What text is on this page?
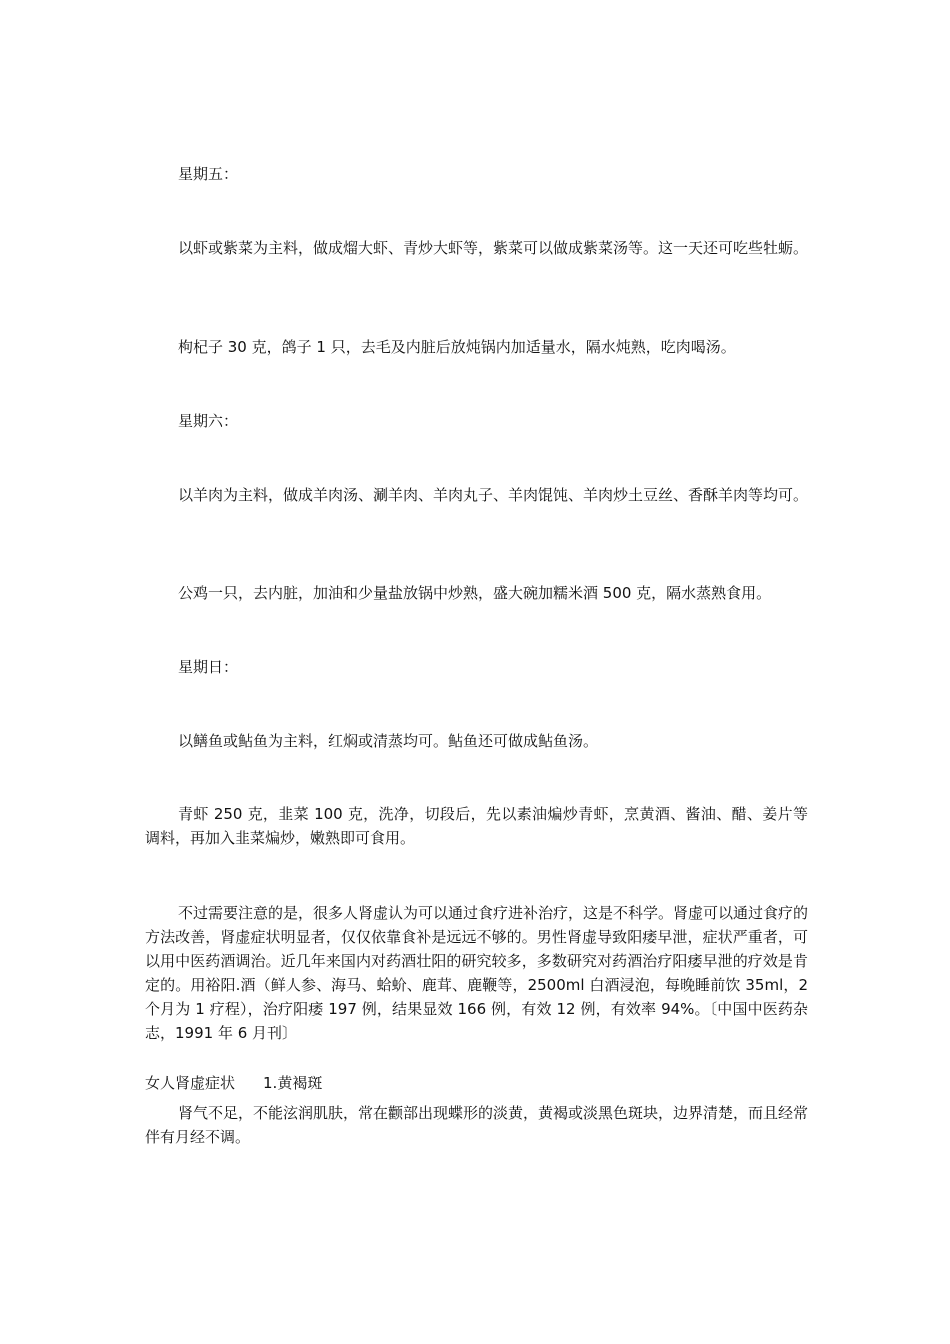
星期五：

以虾或紫菜为主料，做成熘大虾、青炒大虾等，紫菜可以做成紫菜汤等。这一天还可吃些牡蛎。

枸杞子 30 克，鸽子 1 只，去毛及内脏后放炖锅内加适量水，隔水炖熟，吃肉喝汤。

星期六：

以羊肉为主料，做成羊肉汤、涮羊肉、羊肉丸子、羊肉馄饨、羊肉炒土豆丝、香酥羊肉等均可。

公鸡一只，去内脏，加油和少量盐放锅中炒熟，盛大碗加糯米酒 500 克，隔水蒸熟食用。

星期日：

以鳝鱼或鲇鱼为主料，红焖或清蒸均可。鲇鱼还可做成鲇鱼汤。

青虾 250 克，韭菜 100 克，洗净，切段后，先以素油煸炒青虾，烹黄酒、酱油、醋、姜片等调料，再加入韭菜煸炒，嫩熟即可食用。

不过需要注意的是，很多人肾虚认为可以通过食疗进补治疗，这是不科学。肾虚可以通过食疗的方法改善，肾虚症状明显者，仅仅依靠食补是远远不够的。男性肾虚导致阳痿早泄，症状严重者，可以用中医药酒调治。近几年来国内对药酒壮阳的研究较多，多数研究对药酒治疗阳痿早泄的疗效是肯定的。用裕阳.酒（鲜人参、海马、蛤蚧、鹿茸、鹿鞭等，2500ml 白酒浸泡，每晚睡前饮 35ml，2 个月为 1 疗程），治疗阳痿 197 例，结果显效 166 例，有效 12 例，有效率 94%。〔中国中医药杂志，1991 年 6 月刊〕

女人肾虚症状 1.黄褐斑

肾气不足，不能泫润肌肤，常在颧部出现蝶形的淡黄，黄褐或淡黑色斑块，边界清楚，而且经常伴有月经不调。
